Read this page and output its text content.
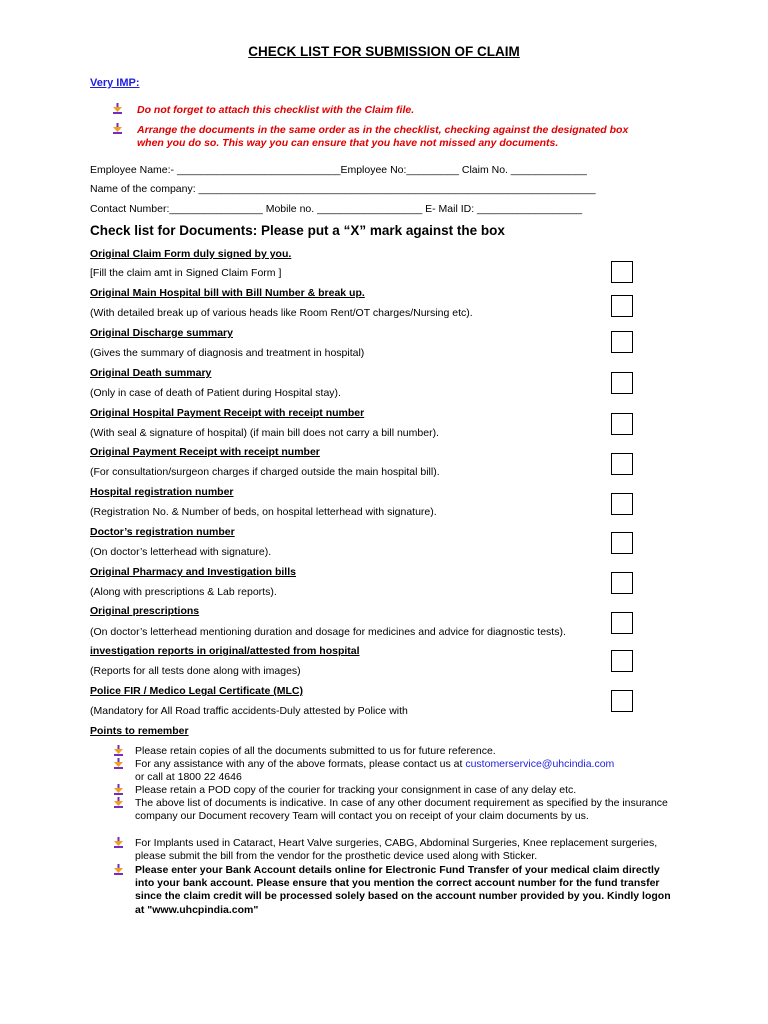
CHECK LIST FOR SUBMISSION OF CLAIM
Very IMP:
Do not forget to attach this checklist with the Claim file.
Arrange the documents in the same order as in the checklist, checking against the designated box when you do so. This way you can ensure that you have not missed any documents.
Employee Name:- ____________________________Employee No:_________ Claim No. _____________
Name of the company: ____________________________________________________________________
Contact Number:________________ Mobile no. __________________ E- Mail ID: __________________
Check list for Documents: Please put a “X” mark against the box
Original Claim Form duly signed by you.
[Fill the claim amt in Signed Claim Form ]
Original Main Hospital bill with Bill Number & break up.
(With detailed break up of various heads like Room Rent/OT charges/Nursing etc).
Original Discharge summary
(Gives the summary of diagnosis and treatment in hospital)
Original Death summary
(Only in case of death of Patient during Hospital stay).
Original Hospital Payment Receipt with receipt number
(With seal & signature of hospital) (if main bill does not carry a bill number).
Original Payment Receipt with receipt number
(For consultation/surgeon charges if charged outside the main hospital bill).
Hospital registration number
(Registration No. & Number of beds, on hospital letterhead with signature).
Doctor’s registration number
(On doctor’s letterhead with signature).
Original Pharmacy and Investigation bills
(Along with prescriptions & Lab reports).
Original prescriptions
(On doctor’s letterhead mentioning duration and dosage for medicines and advice for diagnostic tests).
investigation reports in original/attested from hospital
(Reports for all tests done along with images)
Police FIR / Medico Legal Certificate (MLC)
(Mandatory for All Road traffic accidents-Duly attested by Police with
Points to remember
Please retain copies of all the documents submitted to us for future reference.
For any assistance with any of the above formats, please contact us at customerservice@uhcindia.com
or call at 1800 22 4646
Please retain a POD copy of the courier for tracking your consignment in case of any delay etc.
The above list of documents is indicative. In case of any other document requirement as specified by the insurance company our Document recovery Team will contact you on receipt of your claim documents by us.
For Implants used in Cataract, Heart Valve surgeries, CABG, Abdominal Surgeries, Knee replacement surgeries, please submit the bill from the vendor for the prosthetic device used along with Sticker.
Please enter your Bank Account details online for Electronic Fund Transfer of your medical claim directly into your bank account. Please ensure that you mention the correct account number for the fund transfer since the claim credit will be processed solely based on the account number provided by you. Kindly logon at "www.uhcpindia.com"
